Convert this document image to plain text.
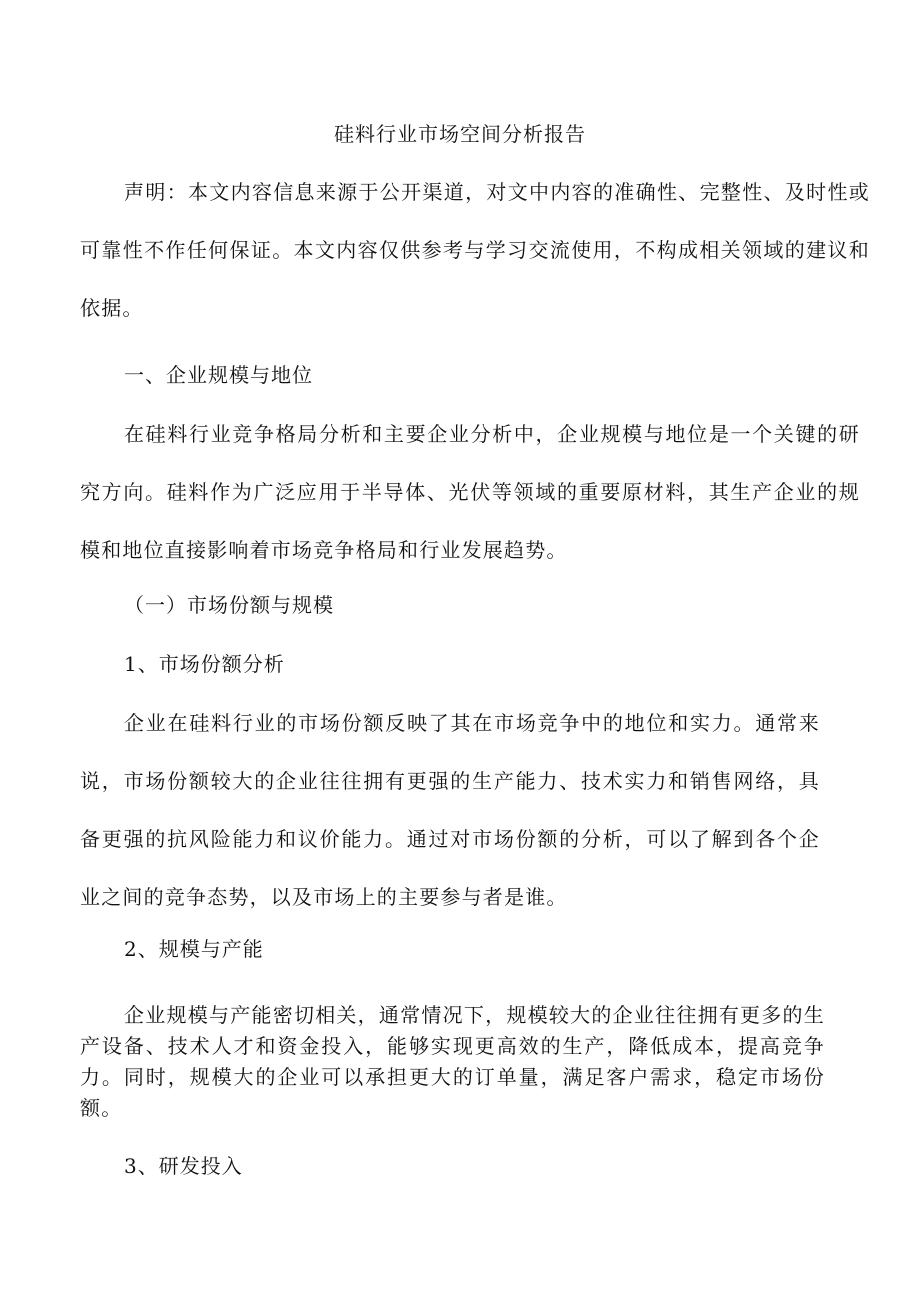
硅料行业市场空间分析报告
声明：本文内容信息来源于公开渠道，对文中内容的准确性、完整性、及时性或可靠性不作任何保证。本文内容仅供参考与学习交流使用，不构成相关领域的建议和依据。
一、企业规模与地位
在硅料行业竞争格局分析和主要企业分析中，企业规模与地位是一个关键的研究方向。硅料作为广泛应用于半导体、光伏等领域的重要原材料，其生产企业的规模和地位直接影响着市场竞争格局和行业发展趋势。
（一）市场份额与规模
1、市场份额分析
企业在硅料行业的市场份额反映了其在市场竞争中的地位和实力。通常来说，市场份额较大的企业往往拥有更强的生产能力、技术实力和销售网络，具备更强的抗风险能力和议价能力。通过对市场份额的分析，可以了解到各个企业之间的竞争态势，以及市场上的主要参与者是谁。
2、规模与产能
企业规模与产能密切相关，通常情况下，规模较大的企业往往拥有更多的生产设备、技术人才和资金投入，能够实现更高效的生产，降低成本，提高竞争力。同时，规模大的企业可以承担更大的订单量，满足客户需求，稳定市场份额。
3、研发投入
